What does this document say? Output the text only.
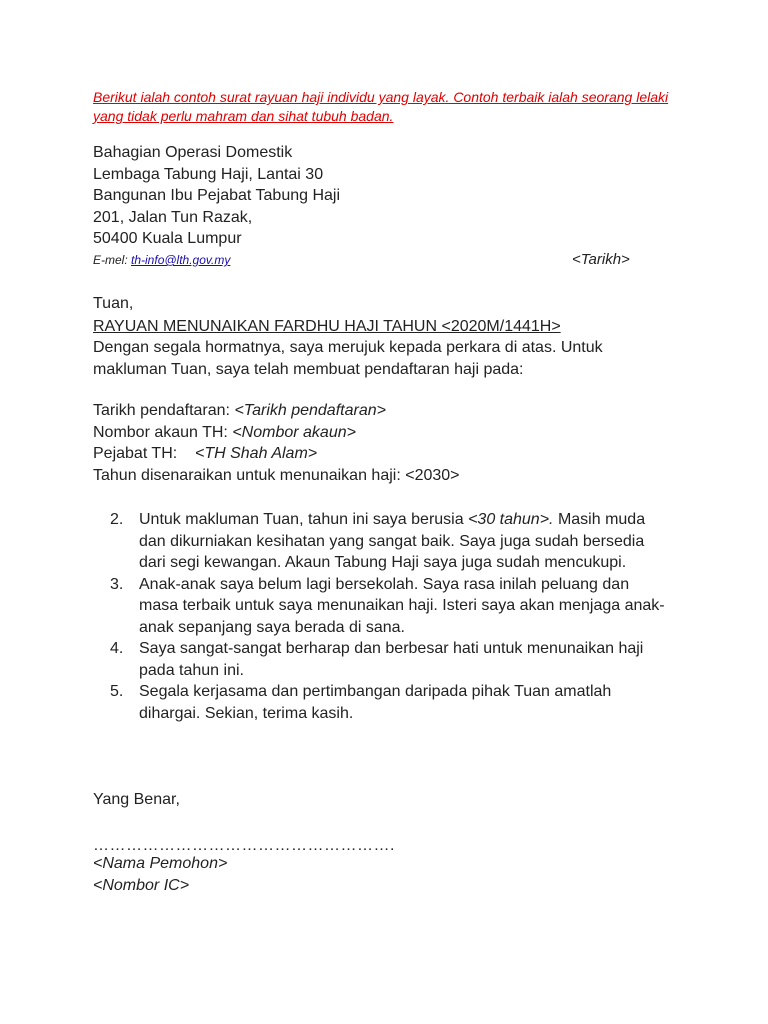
Berikut ialah contoh surat rayuan haji individu yang layak. Contoh terbaik ialah seorang lelaki yang tidak perlu mahram dan sihat tubuh badan.
Bahagian Operasi Domestik
Lembaga Tabung Haji, Lantai 30
Bangunan Ibu Pejabat Tabung Haji
201, Jalan Tun Razak,
50400 Kuala Lumpur
E-mel: th-info@lth.gov.my	<Tarikh>
Tuan,
RAYUAN MENUNAIKAN FARDHU HAJI TAHUN <2020M/1441H>
Dengan segala hormatnya, saya merujuk kepada perkara di atas. Untuk makluman Tuan, saya telah membuat pendaftaran haji pada:
Tarikh pendaftaran: <Tarikh pendaftaran>
Nombor akaun TH: <Nombor akaun>
Pejabat TH: <TH Shah Alam>
Tahun disenaraikan untuk menunaikan haji: <2030>
2. Untuk makluman Tuan, tahun ini saya berusia <30 tahun>. Masih muda dan dikurniakan kesihatan yang sangat baik. Saya juga sudah bersedia dari segi kewangan. Akaun Tabung Haji saya juga sudah mencukupi.
3. Anak-anak saya belum lagi bersekolah. Saya rasa inilah peluang dan masa terbaik untuk saya menunaikan haji. Isteri saya akan menjaga anak-anak sepanjang saya berada di sana.
4. Saya sangat-sangat berharap dan berbesar hati untuk menunaikan haji pada tahun ini.
5. Segala kerjasama dan pertimbangan daripada pihak Tuan amatlah dihargai. Sekian, terima kasih.
Yang Benar,
……………………………………………….
<Nama Pemohon>
<Nombor IC>
